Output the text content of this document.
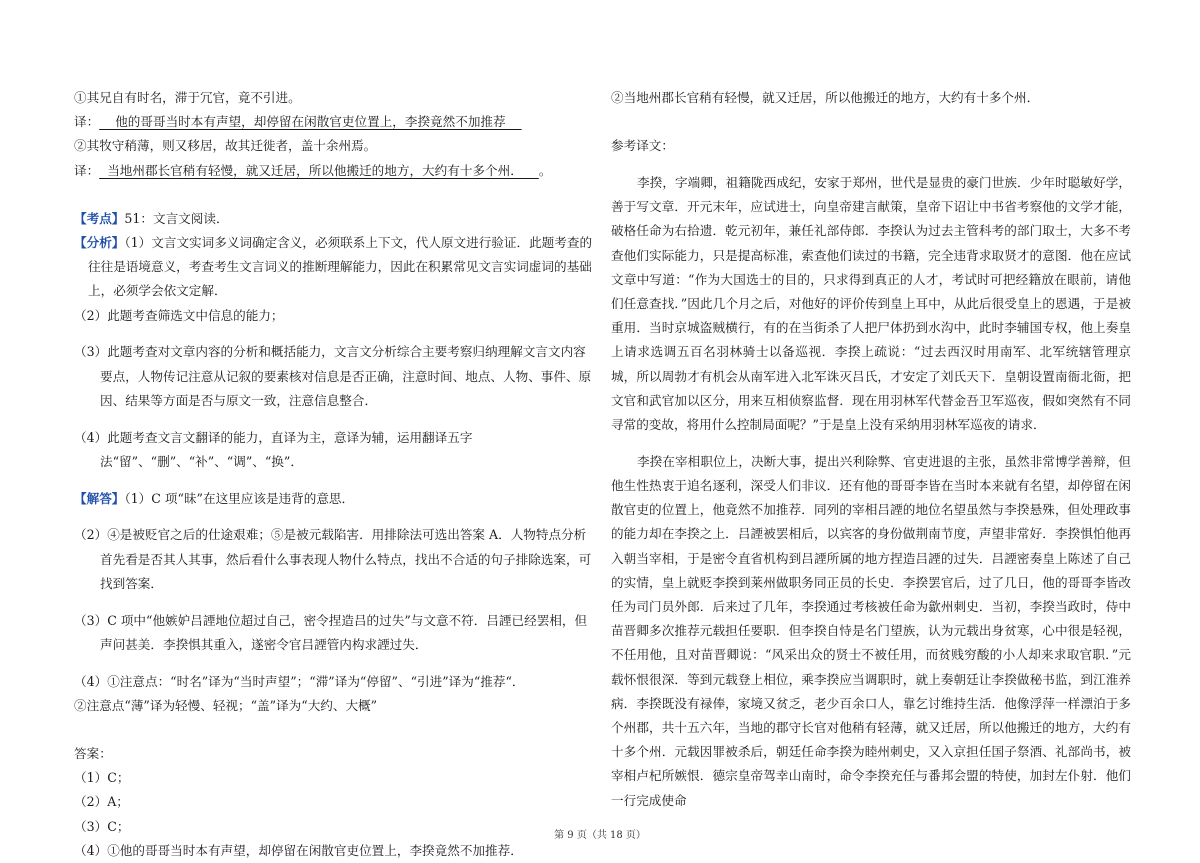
①其兄自有时名，滞于冗官，竟不引进。

译：    他的哥哥当时本有声望，却停留在闲散官吏位置上，李揆竟然不加推荐

②其牧守稍薄，则又移居，故其迁徙者，盖十余州焉。

译：  当地州郡长官稍有轻慢，就又迁居，所以他搬迁的地方，大约有十多个州．    。

【考点】51：文言文阅读．

【分析】（1）文言文实词多义词确定含义，必须联系上下文，代人原文进行验证．此题考查的往往是语境意义，考查考生文言词义的推断理解能力，因此在积累常见文言实词虚词的基础上，必须学会依文定解．

（2）此题考查筛选文中信息的能力；

（3）此题考查对文章内容的分析和概括能力，文言文分析综合主要考察归纳理解文言文内容要点，人物传记注意从记叙的要素核对信息是否正确，注意时间、地点、人物、事件、原因、结果等方面是否与原文一致，注意信息整合．

（4）此题考查文言文翻译的能力，直译为主，意译为辅，运用翻译五字法“留”、“删”、“补”、“调”、“换”．

【解答】（1）C 项“昧”在这里应该是违背的意思．

（2）④是被贬官之后的仕途艰难；⑤是被元载陷害．用排除法可选出答案 A．人物特点分析首先看是否其人其事，然后看什么事表现人物什么特点，找出不合适的句子排除选案，可找到答案．

（3）C 项中“他嫉妒吕諲地位超过自己，密令捏造吕的过失”与文意不符．吕諲已经罢相，但声问甚美．李揆惧其重入，遂密令官吕諲管内构求諲过失．

（4）①注意点：“时名”译为“当时声望”；“滞”译为“停留”、“引进”译为“推荐“．

②注意点“薄”译为轻慢、轻视；“盖”译为“大约、大概”

答案：

（1）C；

（2）A；

（3）C；

（4）①他的哥哥当时本有声望，却停留在闲散官吏位置上，李揆竟然不加推荐．

②当地州郡长官稍有轻慢，就又迁居，所以他搬迁的地方，大约有十多个州．

参考译文：

李揆，字端卿，祖籍陇西成纪，安家于郑州，世代是显贵的豪门世族．少年时聪敏好学，善于写文章．开元末年，应试进士，向皇帝建言献策，皇帝下诏让中书省考察他的文学才能，破格任命为右拾遗．乾元初年，兼任礼部侍郎．李揆认为过去主管科考的部门取士，大多不考查他们实际能力，只是提高标准，索查他们读过的书籍，完全违背求取贤才的意图．他在应试文章中写道：“作为大国选士的目的，只求得到真正的人才，考试时可把经籍放在眼前，请他们任意查找．”因此几个月之后，对他好的评价传到皇上耳中，从此后很受皇上的恩遇，于是被重用．当时京城盗贼横行，有的在当街杀了人把尸体扔到水沟中，此时李辅国专权，他上奏皇上请求选调五百名羽林骑士以备巡视．李揆上疏说：“过去西汉时用南军、北军统辖管理京城，所以周勃才有机会从南军进入北军诛灭吕氏，才安定了刘氏天下．皇朝设置南衙北衙，把文官和武官加以区分，用来互相侦察监督．现在用羽林军代替金吾卫军巡夜，假如突然有不同寻常的变故，将用什么控制局面呢？”于是皇上没有采纳用羽林军巡夜的请求．

李揆在宰相职位上，决断大事，提出兴利除弊、官吏进退的主张，虽然非常博学善辩，但他生性热衷于追名逐利，深受人们非议．还有他的哥哥李皆在当时本来就有名望，却停留在闲散官吏的位置上，他竟然不加推荐．同列的宰相吕諲的地位名望虽然与李揆悬殊，但处理政事的能力却在李揆之上．吕諲被罢相后，以宾客的身份做荆南节度，声望非常好．李揆惧怕他再入朝当宰相，于是密令直省机构到吕諲所属的地方捏造吕諲的过失．吕諲密奏皇上陈述了自己的实情，皇上就贬李揆到莱州做职务同正员的长史．李揆罢官后，过了几日，他的哥哥李皆改任为司门员外郎．后来过了几年，李揆通过考核被任命为歙州刺史．当初，李揆当政时，侍中苗晋卿多次推荐元载担任要职．但李揆自恃是名门望族，认为元载出身贫寒，心中很是轻视，不任用他，且对苗晋卿说：“风采出众的贤士不被任用，而贫贱穷酸的小人却来求取官职．”元载怀恨很深．等到元载登上相位，乘李揆应当调职时，就上奏朝廷让李揆做秘书监，到江淮养病．李揆既没有禄俸，家境又贫乏，老少百余口人，靠乞讨维持生活．他像浮萍一样漂泊于多个州郡，共十五六年，当地的郡守长官对他稍有轻薄，就又迁居，所以他搬迁的地方，大约有十多个州．元载因罪被杀后，朝廷任命李揆为睦州刺史，又入京担任国子祭酒、礼部尚书，被宰相卢杞所嫉恨．德宗皇帝驾幸山南时，命令李揆充任与番邦会盟的特使，加封左仆射．他们一行完成使命

第 9 页（共 18 页）
